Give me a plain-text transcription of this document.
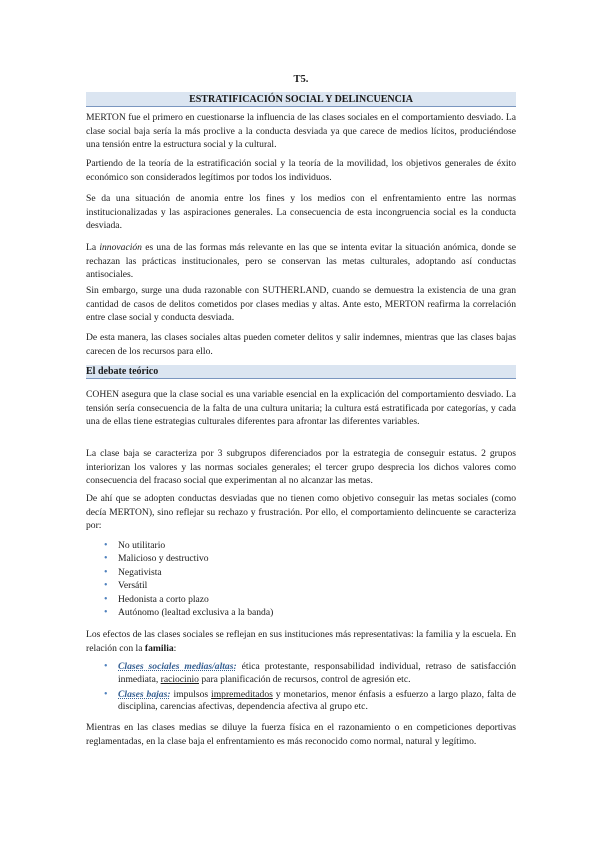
T5.
ESTRATIFICACIÓN SOCIAL Y DELINCUENCIA

MERTON fue el primero en cuestionarse la influencia de las clases sociales en el comportamiento desviado. La clase social baja sería la más proclive a la conducta desviada ya que carece de medios lícitos, produciéndose una tensión entre la estructura social y la cultural.

Partiendo de la teoría de la estratificación social y la teoría de la movilidad, los objetivos generales de éxito económico son considerados legítimos por todos los individuos.

Se da una situación de anomia entre los fines y los medios con el enfrentamiento entre las normas institucionalizadas y las aspiraciones generales. La consecuencia de esta incongruencia social es la conducta desviada.

La innovación es una de las formas más relevante en las que se intenta evitar la situación anómica, donde se rechazan las prácticas institucionales, pero se conservan las metas culturales, adoptando así conductas antisociales.

Sin embargo, surge una duda razonable con SUTHERLAND, cuando se demuestra la existencia de una gran cantidad de casos de delitos cometidos por clases medias y altas. Ante esto, MERTON reafirma la correlación entre clase social y conducta desviada.

De esta manera, las clases sociales altas pueden cometer delitos y salir indemnes, mientras que las clases bajas carecen de los recursos para ello.

El debate teórico

COHEN asegura que la clase social es una variable esencial en la explicación del comportamiento desviado. La tensión sería consecuencia de la falta de una cultura unitaria; la cultura está estratificada por categorías, y cada una de ellas tiene estrategias culturales diferentes para afrontar las diferentes variables.

La clase baja se caracteriza por 3 subgrupos diferenciados por la estrategia de conseguir estatus. 2 grupos interiorizan los valores y las normas sociales generales; el tercer grupo desprecia los dichos valores como consecuencia del fracaso social que experimentan al no alcanzar las metas.

De ahí que se adopten conductas desviadas que no tienen como objetivo conseguir las metas sociales (como decía MERTON), sino reflejar su rechazo y frustración. Por ello, el comportamiento delincuente se caracteriza por:

• No utilitario
• Malicioso y destructivo
• Negativista
• Versátil
• Hedonista a corto plazo
• Autónomo (lealtad exclusiva a la banda)

Los efectos de las clases sociales se reflejan en sus instituciones más representativas: la familia y la escuela. En relación con la familia:

• Clases sociales medias/altas: ética protestante, responsabilidad individual, retraso de satisfacción inmediata, raciocinio para planificación de recursos, control de agresión etc.
• Clases bajas: impulsos impremeditados y monetarios, menor énfasis a esfuerzo a largo plazo, falta de disciplina, carencias afectivas, dependencia afectiva al grupo etc.

Mientras en las clases medias se diluye la fuerza física en el razonamiento o en competiciones deportivas reglamentadas, en la clase baja el enfrentamiento es más reconocido como normal, natural y legítimo.
